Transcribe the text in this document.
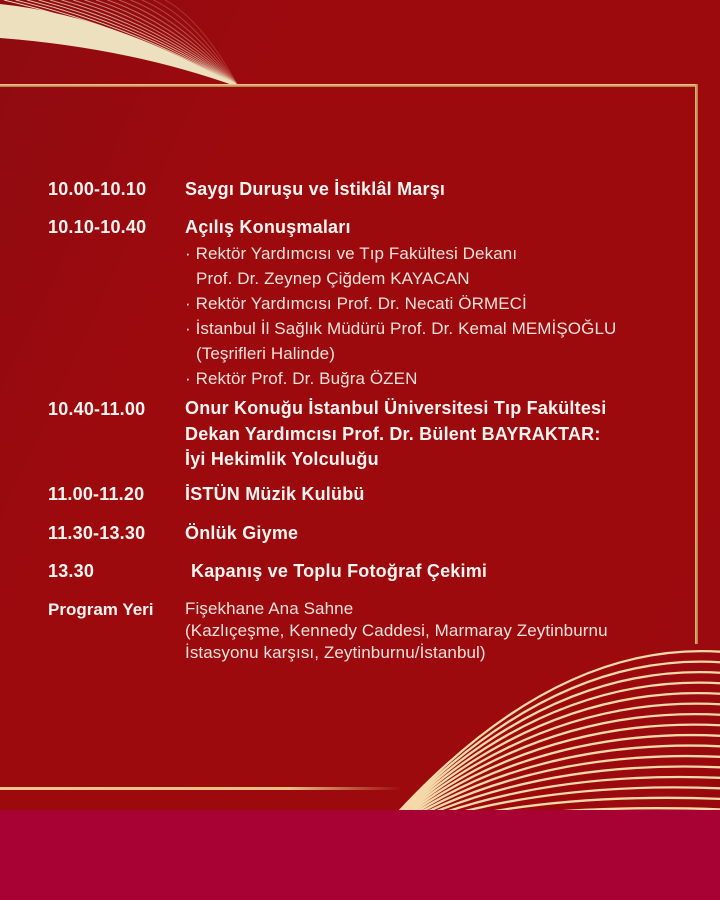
10.00-10.10	Saygı Duruşu ve İstiklâl Marşı
10.10-10.40	Açılış Konuşmaları
· Rektör Yardımcısı ve Tıp Fakültesi Dekanı
Prof. Dr. Zeynep Çiğdem KAYACAN
· Rektör Yardımcısı Prof. Dr. Necati ÖRMECİ
· İstanbul İl Sağlık Müdürü Prof. Dr. Kemal MEMİŞOĞLU
(Teşrifleri Halinde)
· Rektör Prof. Dr. Buğra ÖZEN
10.40-11.00	Onur Konuğu İstanbul Üniversitesi Tıp Fakültesi
Dekan Yardımcısı Prof. Dr. Bülent BAYRAKTAR:
İyi Hekimlik Yolculuğu
11.00-11.20	İSTÜN Müzik Kulübü
11.30-13.30	Önlük Giyme
13.30	Kapanış ve Toplu Fotoğraf Çekimi
Program Yeri	Fişekhane Ana Sahne
(Kazlıçeşme, Kennedy Caddesi, Marmaray Zeytinburnu
İstasyonu karşısı, Zeytinburnu/İstanbul)
